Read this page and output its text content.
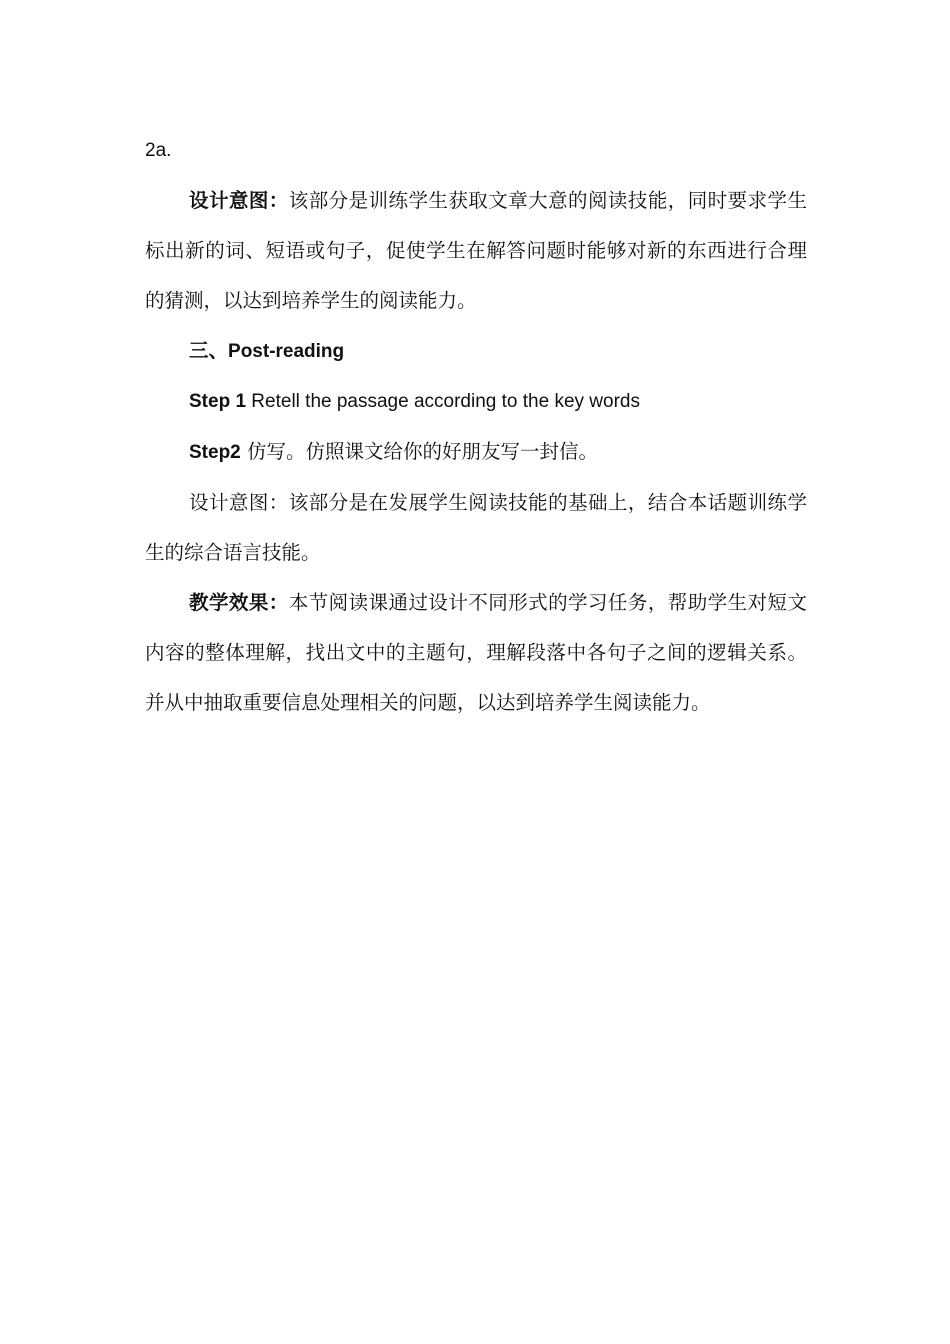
2a.

设计意图：该部分是训练学生获取文章大意的阅读技能，同时要求学生标出新的词、短语或句子，促使学生在解答问题时能够对新的东西进行合理的猜测，以达到培养学生的阅读能力。

三、Post-reading

Step 1 Retell the passage according to the key words

Step2 仿写。仿照课文给你的好朋友写一封信。

设计意图：该部分是在发展学生阅读技能的基础上，结合本话题训练学生的综合语言技能。

教学效果：本节阅读课通过设计不同形式的学习任务，帮助学生对短文内容的整体理解，找出文中的主题句，理解段落中各句子之间的逻辑关系。并从中抽取重要信息处理相关的问题，以达到培养学生阅读能力。
